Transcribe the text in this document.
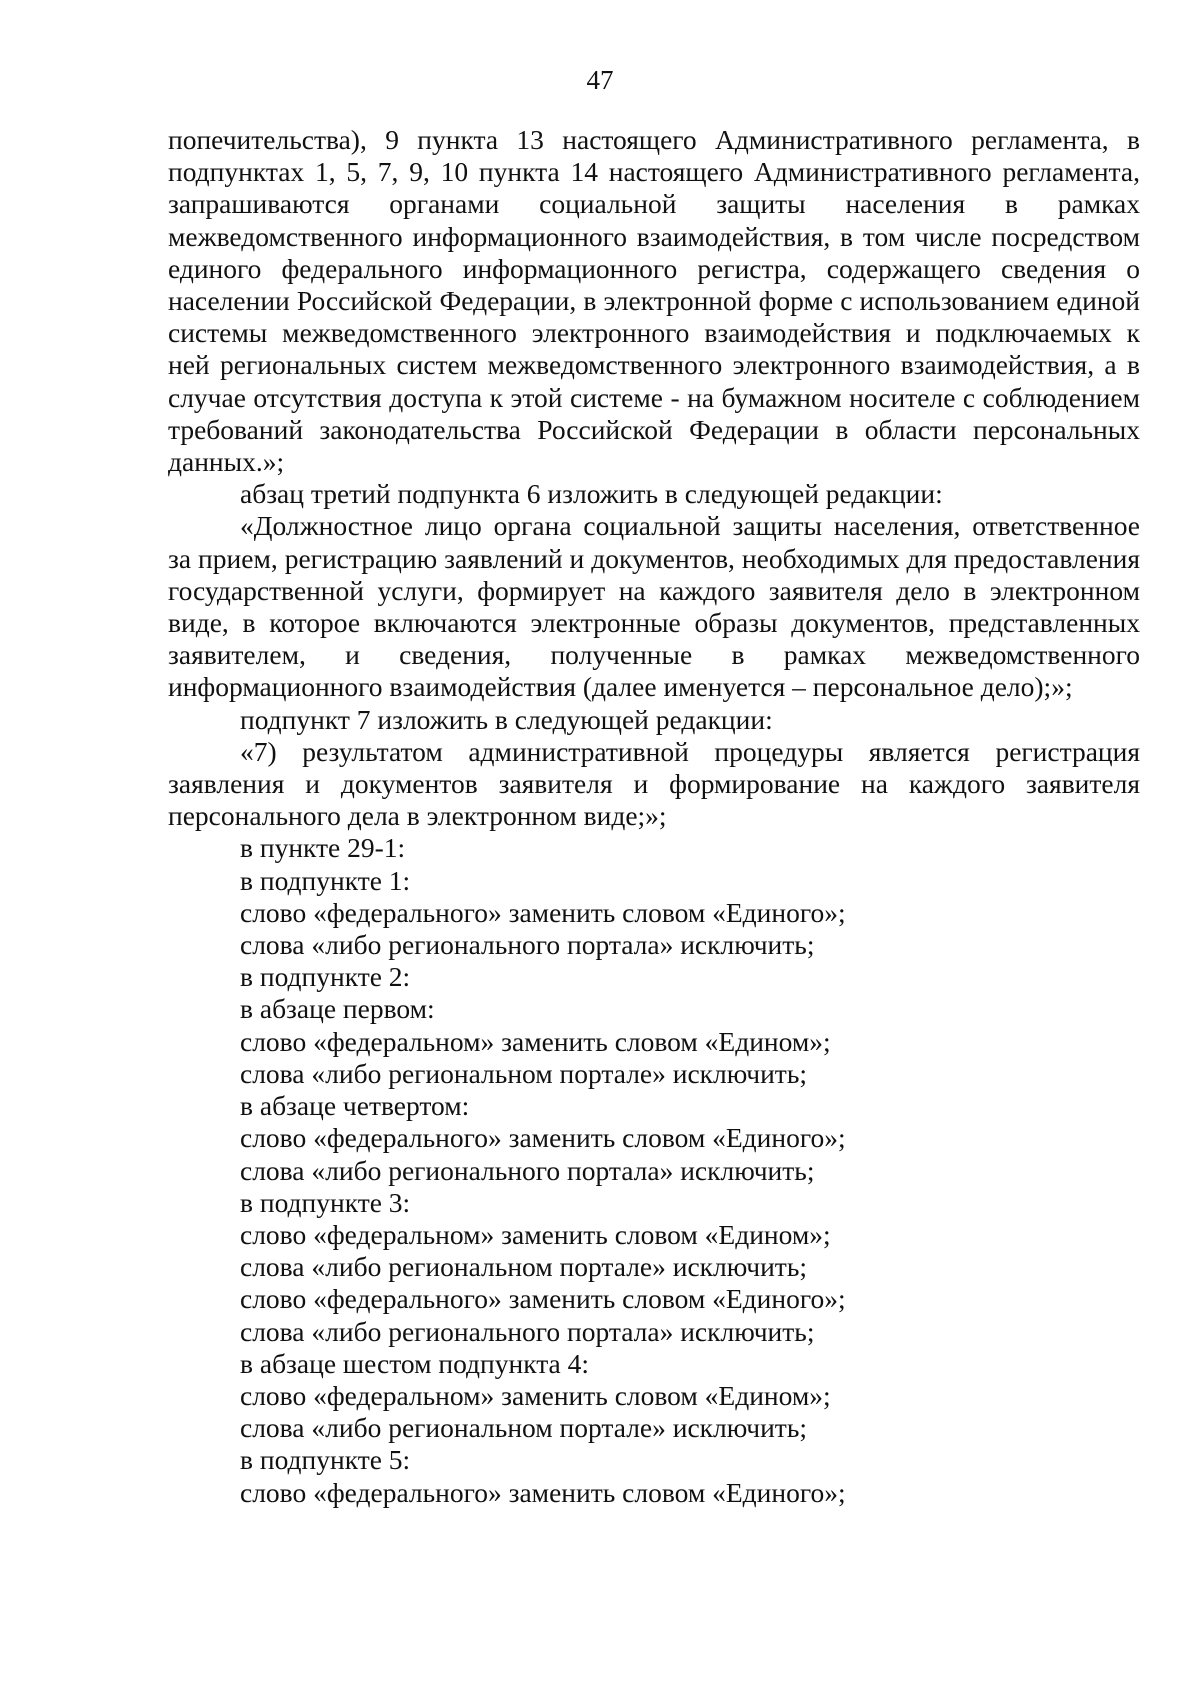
47

попечительства), 9 пункта 13 настоящего Административного регламента, в подпунктах 1, 5, 7, 9, 10 пункта 14 настоящего Административного регламента, запрашиваются органами социальной защиты населения в рамках межведомственного информационного взаимодействия, в том числе посредством единого федерального информационного регистра, содержащего сведения о населении Российской Федерации, в электронной форме с использованием единой системы межведомственного электронного взаимодействия и подключаемых к ней региональных систем межведомственного электронного взаимодействия, а в случае отсутствия доступа к этой системе - на бумажном носителе с соблюдением требований законодательства Российской Федерации в области персональных данных.»;

абзац третий подпункта 6 изложить в следующей редакции:

«Должностное лицо органа социальной защиты населения, ответственное за прием, регистрацию заявлений и документов, необходимых для предоставления государственной услуги, формирует на каждого заявителя дело в электронном виде, в которое включаются электронные образы документов, представленных заявителем, и сведения, полученные в рамках межведомственного информационного взаимодействия (далее именуется – персональное дело);»;

подпункт 7 изложить в следующей редакции:

«7) результатом административной процедуры является регистрация заявления и документов заявителя и формирование на каждого заявителя персонального дела в электронном виде;»;

в пункте 29-1:
в подпункте 1:
слово «федерального» заменить словом «Единого»;
слова «либо регионального портала» исключить;
в подпункте 2:
в абзаце первом:
слово «федеральном» заменить словом «Едином»;
слова «либо региональном портале» исключить;
в абзаце четвертом:
слово «федерального» заменить словом «Единого»;
слова «либо регионального портала» исключить;
в подпункте 3:
слово «федеральном» заменить словом «Едином»;
слова «либо региональном портале» исключить;
слово «федерального» заменить словом «Единого»;
слова «либо регионального портала» исключить;
в абзаце шестом подпункта 4:
слово «федеральном» заменить словом «Едином»;
слова «либо региональном портале» исключить;
в подпункте 5:
слово «федерального» заменить словом «Единого»;
